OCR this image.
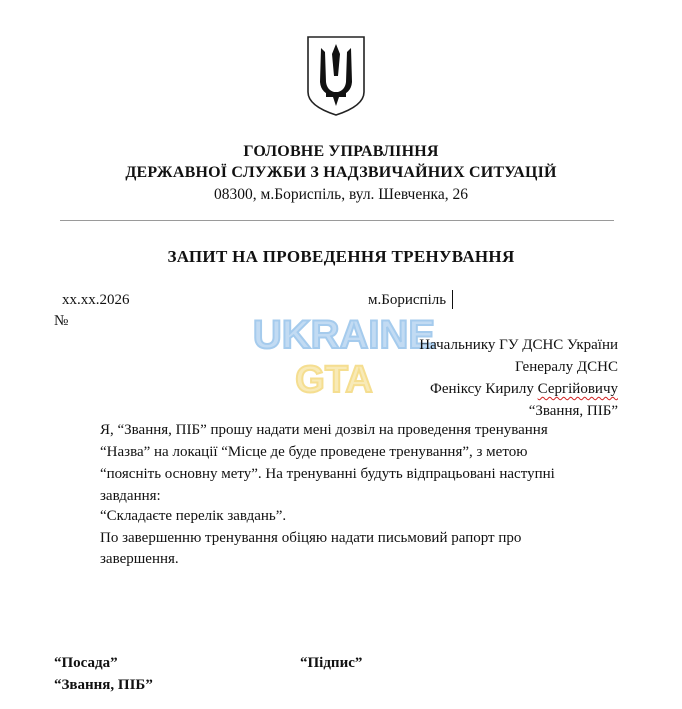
ГОЛОВНЕ УПРАВЛІННЯ
ДЕРЖАВНОЇ СЛУЖБИ З НАДЗВИЧАЙНИХ СИТУАЦІЙ
08300, м.Бориспіль, вул. Шевченка, 26
ЗАПИТ НА ПРОВЕДЕННЯ ТРЕНУВАННЯ
xx.xx.2026	м.Бориспіль
№	UKRAINE
GTA
Начальнику ГУ ДСНС України
Генералу ДСНС
Феніксу Кирилу Сергійовичу
“Звання, ПІБ”
Я, “Звання, ПІБ” прошу надати мені дозвіл на проведення тренування
“Назва” на локації “Місце де буде проведене тренування”, з метою
“поясніть основну мету”. На тренуванні будуть відпрацьовані наступні
завдання:
“Складаєте перелік завдань”.
По завершенню тренування обіцяю надати письмовий рапорт про
завершення.
“Посада”	“Підпис”
“Звання, ПІБ”
